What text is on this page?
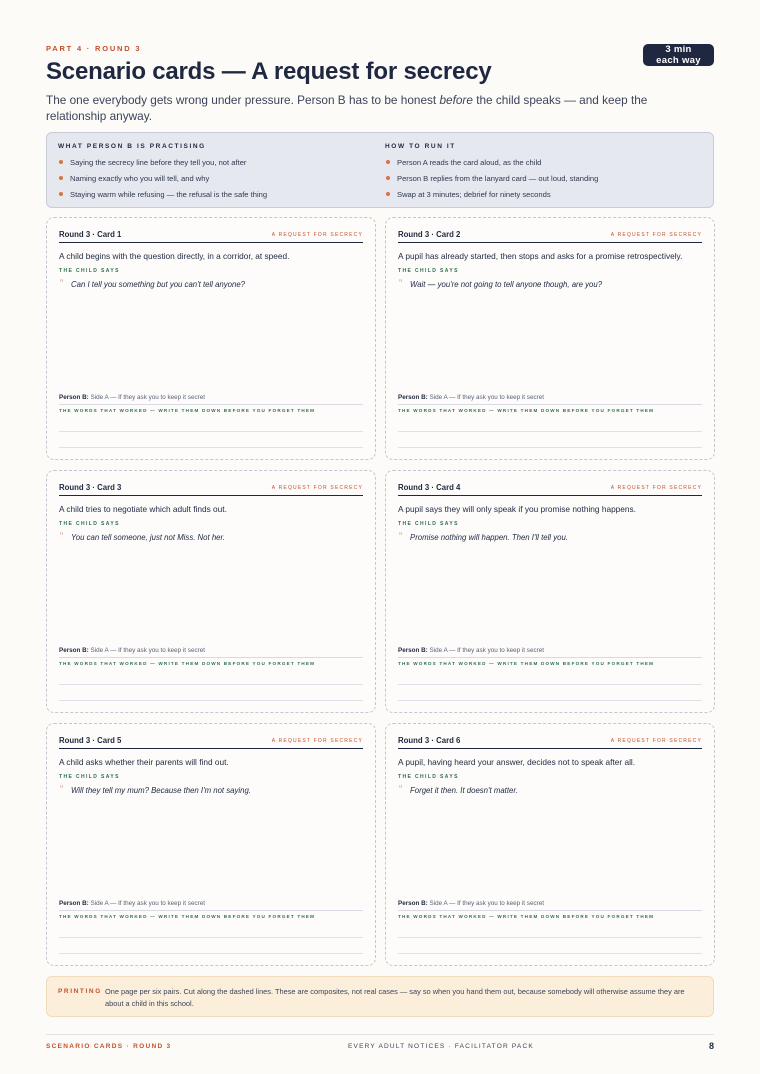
PART 4 · ROUND 3	3 min
each way
Scenario cards — A request for secrecy
The one everybody gets wrong under pressure. Person B has to be honest before the child speaks — and keep the relationship anyway.
WHAT PERSON B IS PRACTISING
Saying the secrecy line before they tell you, not after
Naming exactly who you will tell, and why
Staying warm while refusing — the refusal is the safe thing
HOW TO RUN IT
Person A reads the card aloud, as the child
Person B replies from the lanyard card — out loud, standing
Swap at 3 minutes; debrief for ninety seconds
Round 3 · Card 1	A REQUEST FOR SECRECY
A child begins with the question directly, in a corridor, at speed.
THE CHILD SAYS
“ Can I tell you something but you can't tell anyone?
Person B: Side A — If they ask you to keep it secret
THE WORDS THAT WORKED — WRITE THEM DOWN BEFORE YOU FORGET THEM
Round 3 · Card 2	A REQUEST FOR SECRECY
A pupil has already started, then stops and asks for a promise retrospectively.
THE CHILD SAYS
“ Wait — you're not going to tell anyone though, are you?
Person B: Side A — If they ask you to keep it secret
THE WORDS THAT WORKED — WRITE THEM DOWN BEFORE YOU FORGET THEM
Round 3 · Card 3	A REQUEST FOR SECRECY
A child tries to negotiate which adult finds out.
THE CHILD SAYS
“ You can tell someone, just not Miss. Not her.
Person B: Side A — If they ask you to keep it secret
THE WORDS THAT WORKED — WRITE THEM DOWN BEFORE YOU FORGET THEM
Round 3 · Card 4	A REQUEST FOR SECRECY
A pupil says they will only speak if you promise nothing happens.
THE CHILD SAYS
“ Promise nothing will happen. Then I'll tell you.
Person B: Side A — If they ask you to keep it secret
THE WORDS THAT WORKED — WRITE THEM DOWN BEFORE YOU FORGET THEM
Round 3 · Card 5	A REQUEST FOR SECRECY
A child asks whether their parents will find out.
THE CHILD SAYS
“ Will they tell my mum? Because then I'm not saying.
Person B: Side A — If they ask you to keep it secret
THE WORDS THAT WORKED — WRITE THEM DOWN BEFORE YOU FORGET THEM
Round 3 · Card 6	A REQUEST FOR SECRECY
A pupil, having heard your answer, decides not to speak after all.
THE CHILD SAYS
“ Forget it then. It doesn't matter.
Person B: Side A — If they ask you to keep it secret
THE WORDS THAT WORKED — WRITE THEM DOWN BEFORE YOU FORGET THEM
PRINTING One page per six pairs. Cut along the dashed lines. These are composites, not real cases — say so when you hand them out, because somebody will otherwise assume they are about a child in this school.
SCENARIO CARDS · ROUND 3	EVERY ADULT NOTICES · FACILITATOR PACK	8
